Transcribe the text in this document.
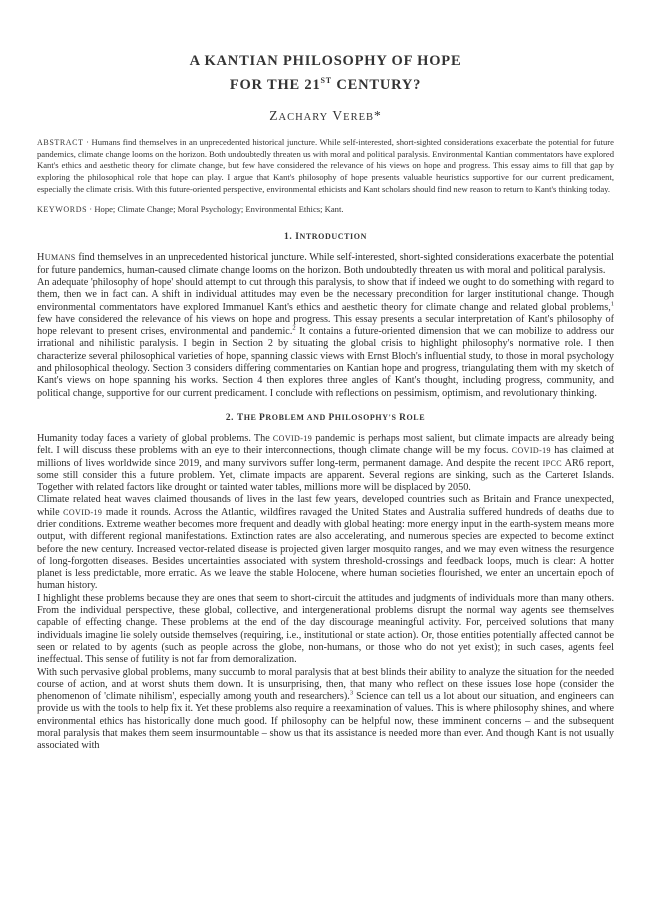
A KANTIAN PHILOSOPHY OF HOPE
FOR THE 21ST CENTURY?
ZACHARY VEREB*
ABSTRACT · Humans find themselves in an unprecedented historical juncture. While self-interested, short-sighted considerations exacerbate the potential for future pandemics, climate change looms on the horizon. Both undoubtedly threaten us with moral and political paralysis. Environmental Kantian commentators have explored Kant's ethics and aesthetic theory for climate change, but few have considered the relevance of his views on hope and progress. This essay aims to fill that gap by exploring the philosophical role that hope can play. I argue that Kant's philosophy of hope presents valuable heuristics supportive for our current predicament, especially the climate crisis. With this future-oriented perspective, environmental ethicists and Kant scholars should find new reason to return to Kant's thinking today.
KEYWORDS · Hope; Climate Change; Moral Psychology; Environmental Ethics; Kant.
1. INTRODUCTION

HUMANS find themselves in an unprecedented historical juncture. While self-interested, short-sighted considerations exacerbate the potential for future pandemics, human-caused climate change looms on the horizon. Both undoubtedly threaten us with moral and political paralysis.

An adequate 'philosophy of hope' should attempt to cut through this paralysis, to show that if indeed we ought to do something with regard to them, then we in fact can. A shift in individual attitudes may even be the necessary precondition for larger institutional change. Though environmental commentators have explored Immanuel Kant's ethics and aesthetic theory for climate change and related global problems,$^1$ few have considered the relevance of his views on hope and progress. This essay presents a secular interpretation of Kant's philosophy of hope relevant to present crises, environmental and pandemic.$^2$ It contains a future-oriented dimension that we can mobilize to address our irrational and nihilistic paralysis. I begin in Section 2 by situating the global crisis to highlight philosophy's normative role. I then characterize several philosophical varieties of hope, spanning classic views with Ernst Bloch's influential study, to those in moral psychology and philosophical theology. Section 3 considers differing commentaries on Kantian hope and progress, triangulating them with my sketch of Kant's views on hope spanning his works. Section 4 then explores three angles of Kant's thought, including progress, community, and political change, supportive for our current predicament. I conclude with reflections on pessimism, optimism, and revolutionary thinking.

2. THE PROBLEM AND PHILOSOPHY'S ROLE

Humanity today faces a variety of global problems. The COVID-19 pandemic is perhaps most salient, but climate impacts are already being felt. I will discuss these problems with an eye to their interconnections, though climate change will be my focus. COVID-19 has claimed at millions of lives worldwide since 2019, and many survivors suffer long-term, permanent damage. And despite the recent IPCC AR6 report, some still consider this a future problem. Yet, climate impacts are apparent. Several regions are sinking, such as the Carteret Islands. Together with related factors like drought or tainted water tables, millions more will be displaced by 2050.

Climate related heat waves claimed thousands of lives in the last few years, developed countries such as Britain and France unexpected, while COVID-19 made it rounds. Across the Atlantic, wildfires ravaged the United States and Australia suffered hundreds of deaths due to drier conditions. Extreme weather becomes more frequent and deadly with global heating: more energy input in the earth-system means more output, with different regional manifestations. Extinction rates are also accelerating, and numerous species are expected to become extinct before the new century. Increased vector-related disease is projected given larger mosquito ranges, and we may even witness the resurgence of long-forgotten diseases. Besides uncertainties associated with system threshold-crossings and feedback loops, much is clear: A hotter planet is less predictable, more erratic. As we leave the stable Holocene, where human societies flourished, we enter an uncertain epoch of human history.

I highlight these problems because they are ones that seem to short-circuit the attitudes and judgments of individuals more than many others. From the individual perspective, these global, collective, and intergenerational problems disrupt the normal way agents see themselves capable of effecting change. These problems at the end of the day discourage meaningful activity. For, perceived solutions that many individuals imagine lie solely outside themselves (requiring, i.e., institutional or state action). Or, those entities potentially affected cannot be seen or related to by agents (such as people across the globe, non-humans, or those who do not yet exist); in such cases, agents feel ineffectual. This sense of futility is not far from demoralization.

With such pervasive global problems, many succumb to moral paralysis that at best blinds their ability to analyze the situation for the needed course of action, and at worst shuts them down. It is unsurprising, then, that many who reflect on these issues lose hope (consider the phenomenon of 'climate nihilism', especially among youth and researchers).$^3$ Science can tell us a lot about our situation, and engineers can provide us with the tools to help fix it. Yet these problems also require a reexamination of values. This is where philosophy shines, and where environmental ethics has historically done much good. If philosophy can be helpful now, these imminent concerns – and the subsequent moral paralysis that makes them seem insurmountable – show us that its assistance is needed more than ever. And though Kant is not usually associated with
